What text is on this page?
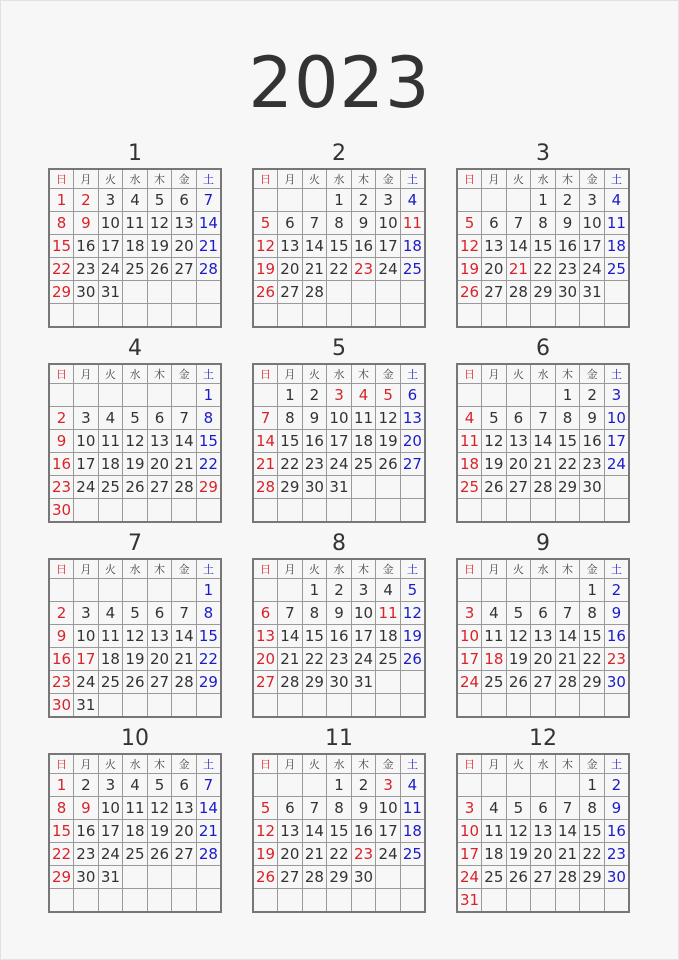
2023
1
日	月	火	水	木	金	土
1	2	3	4	5	6	7
8	9	10	11	12	13	14
15	16	17	18	19	20	21
22	23	24	25	26	27	28
29	30	31				

2
日	月	火	水	木	金	土
			1	2	3	4
5	6	7	8	9	10	11
12	13	14	15	16	17	18
19	20	21	22	23	24	25
26	27	28				

3
日	月	火	水	木	金	土
			1	2	3	4
5	6	7	8	9	10	11
12	13	14	15	16	17	18
19	20	21	22	23	24	25
26	27	28	29	30	31	

4
日	月	火	水	木	金	土
						1
2	3	4	5	6	7	8
9	10	11	12	13	14	15
16	17	18	19	20	21	22
23	24	25	26	27	28	29
30						
5
日	月	火	水	木	金	土
	1	2	3	4	5	6
7	8	9	10	11	12	13
14	15	16	17	18	19	20
21	22	23	24	25	26	27
28	29	30	31			

6
日	月	火	水	木	金	土
				1	2	3
4	5	6	7	8	9	10
11	12	13	14	15	16	17
18	19	20	21	22	23	24
25	26	27	28	29	30	

7
日	月	火	水	木	金	土
						1
2	3	4	5	6	7	8
9	10	11	12	13	14	15
16	17	18	19	20	21	22
23	24	25	26	27	28	29
30	31					
8
日	月	火	水	木	金	土
		1	2	3	4	5
6	7	8	9	10	11	12
13	14	15	16	17	18	19
20	21	22	23	24	25	26
27	28	29	30	31		

9
日	月	火	水	木	金	土
					1	2
3	4	5	6	7	8	9
10	11	12	13	14	15	16
17	18	19	20	21	22	23
24	25	26	27	28	29	30

10
日	月	火	水	木	金	土
1	2	3	4	5	6	7
8	9	10	11	12	13	14
15	16	17	18	19	20	21
22	23	24	25	26	27	28
29	30	31				

11
日	月	火	水	木	金	土
			1	2	3	4
5	6	7	8	9	10	11
12	13	14	15	16	17	18
19	20	21	22	23	24	25
26	27	28	29	30		

12
日	月	火	水	木	金	土
					1	2
3	4	5	6	7	8	9
10	11	12	13	14	15	16
17	18	19	20	21	22	23
24	25	26	27	28	29	30
31						
